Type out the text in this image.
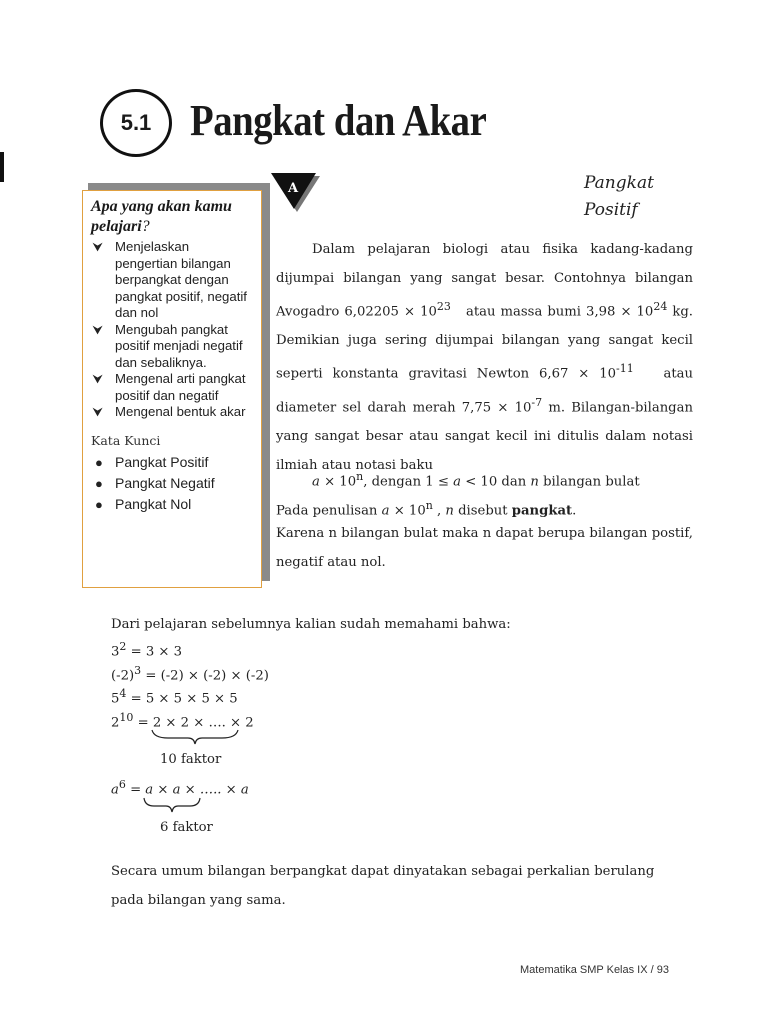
5.1 Pangkat dan Akar
Apa yang akan kamu pelajari?
⮟ Menjelaskan pengertian bilangan berpangkat dengan pangkat positif, negatif dan nol
⮟ Mengubah pangkat positif menjadi negatif dan sebaliknya.
⮟ Mengenal arti pangkat positif dan negatif
⮟ Mengenal bentuk akar
Kata Kunci
● Pangkat Positif
● Pangkat Negatif
● Pangkat Nol
A	Pangkat
Positif
Dalam pelajaran biologi atau fisika kadang-kadang dijumpai bilangan yang sangat besar. Contohnya bilangan Avogadro $6,02205 \times 10^{23}$   atau massa bumi $3,98 \times 10^{24}$ kg. Demikian juga sering dijumpai bilangan yang sangat kecil seperti konstanta gravitasi Newton $6,67 \times 10^{-11}$   atau diameter sel darah merah $7,75 \times 10^{-7}$ m. Bilangan-bilangan yang sangat besar atau sangat kecil ini ditulis dalam notasi ilmiah atau notasi baku
$a \times 10^n$, dengan 1 ≤ a < 10 dan n bilangan bulat
Pada penulisan $a \times 10^n$ , n disebut pangkat.
Karena n bilangan bulat maka n dapat berupa bilangan postif, negatif atau nol.
Dari pelajaran sebelumnya kalian sudah memahami bahwa:
$3^2 = 3 \times 3$
$(-2)^3 = (-2) \times (-2) \times (-2)$
$5^4 = 5 \times 5 \times 5 \times 5$
$2^{10} = 2 \times 2$ × …. × 2
10 faktor
$a^6 = a \times a$ × ….. × a
6 faktor
Secara umum bilangan berpangkat dapat dinyatakan sebagai perkalian berulang pada bilangan yang sama.
Matematika SMP Kelas IX / 93
